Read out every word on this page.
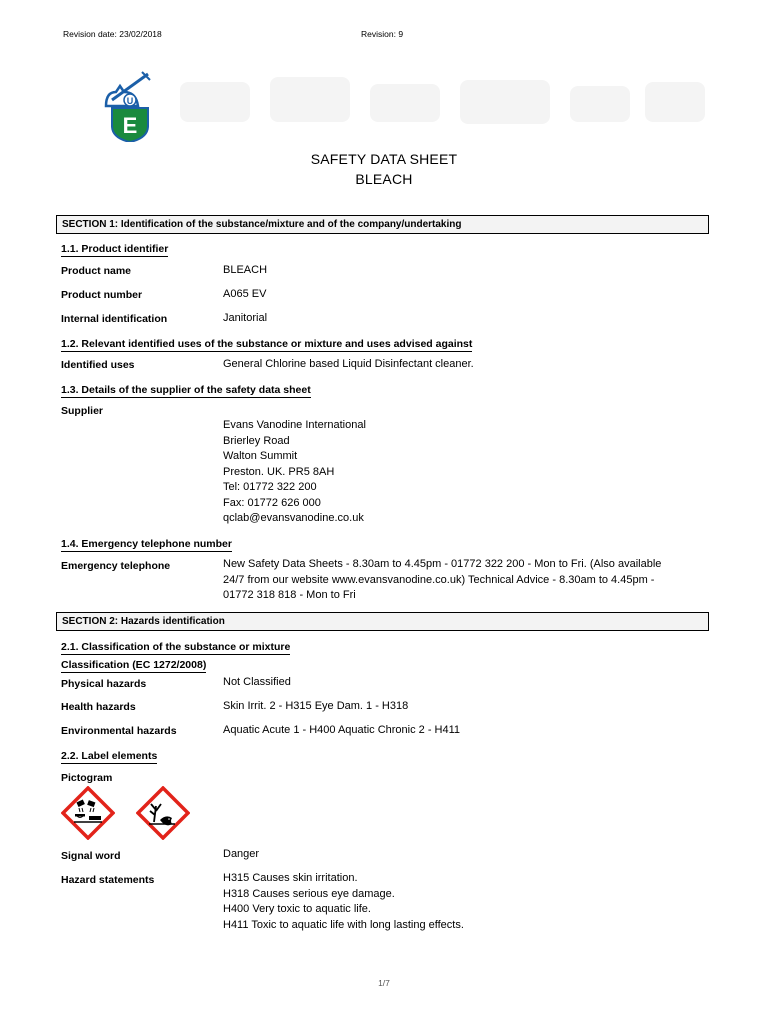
Revision date: 23/02/2018	Revision: 9
U
E
SAFETY DATA SHEET
BLEACH
SECTION 1: Identification of the substance/mixture and of the company/undertaking
1.1. Product identifier
Product name	BLEACH
Product number	A065 EV
Internal identification	Janitorial
1.2. Relevant identified uses of the substance or mixture and uses advised against
Identified uses	General Chlorine based Liquid Disinfectant cleaner.
1.3. Details of the supplier of the safety data sheet
Supplier
Evans Vanodine International
Brierley Road
Walton Summit
Preston. UK. PR5 8AH
Tel: 01772 322 200
Fax: 01772 626 000
qclab@evansvanodine.co.uk
1.4. Emergency telephone number
Emergency telephone	New Safety Data Sheets - 8.30am to 4.45pm - 01772 322 200 - Mon to Fri. (Also available
24/7 from our website www.evansvanodine.co.uk) Technical Advice - 8.30am to 4.45pm -
01772 318 818 - Mon to Fri
SECTION 2: Hazards identification
2.1. Classification of the substance or mixture
Classification (EC 1272/2008)
Physical hazards	Not Classified
Health hazards	Skin Irrit. 2 - H315 Eye Dam. 1 - H318
Environmental hazards	Aquatic Acute 1 - H400 Aquatic Chronic 2 - H411
2.2. Label elements
Pictogram
Signal word	Danger
Hazard statements	H315 Causes skin irritation.
H318 Causes serious eye damage.
H400 Very toxic to aquatic life.
H411 Toxic to aquatic life with long lasting effects.
1/7
